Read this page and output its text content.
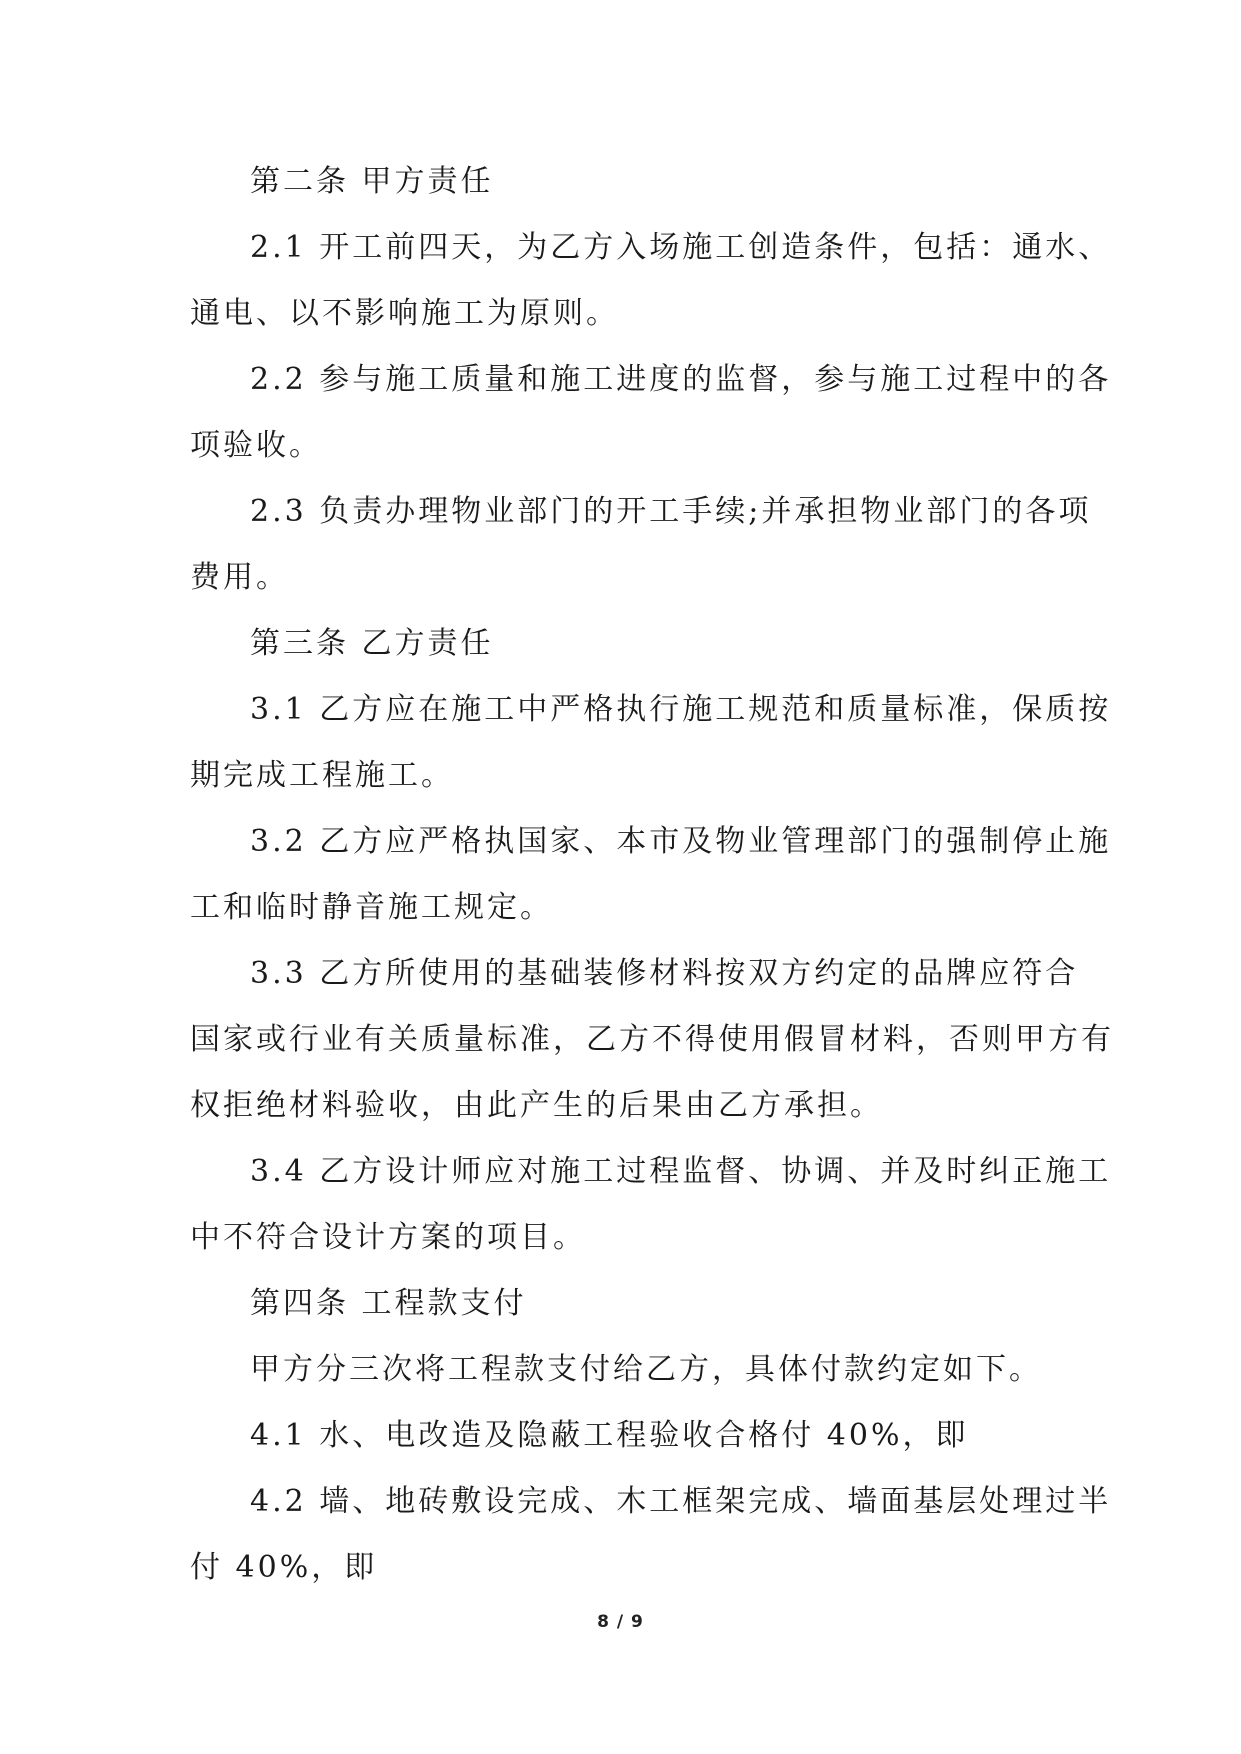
第二条 甲方责任
2.1 开工前四天，为乙方入场施工创造条件，包括：通水、
通电、以不影响施工为原则。
2.2 参与施工质量和施工进度的监督，参与施工过程中的各
项验收。
2.3 负责办理物业部门的开工手续;并承担物业部门的各项
费用。
第三条 乙方责任
3.1 乙方应在施工中严格执行施工规范和质量标准，保质按
期完成工程施工。
3.2 乙方应严格执国家、本市及物业管理部门的强制停止施
工和临时静音施工规定。
3.3 乙方所使用的基础装修材料按双方约定的品牌应符合
国家或行业有关质量标准，乙方不得使用假冒材料，否则甲方有
权拒绝材料验收，由此产生的后果由乙方承担。
3.4 乙方设计师应对施工过程监督、协调、并及时纠正施工
中不符合设计方案的项目。
第四条 工程款支付
甲方分三次将工程款支付给乙方，具体付款约定如下。
4.1 水、电改造及隐蔽工程验收合格付 40%，即
4.2 墙、地砖敷设完成、木工框架完成、墙面基层处理过半
付 40%，即
8 / 9
